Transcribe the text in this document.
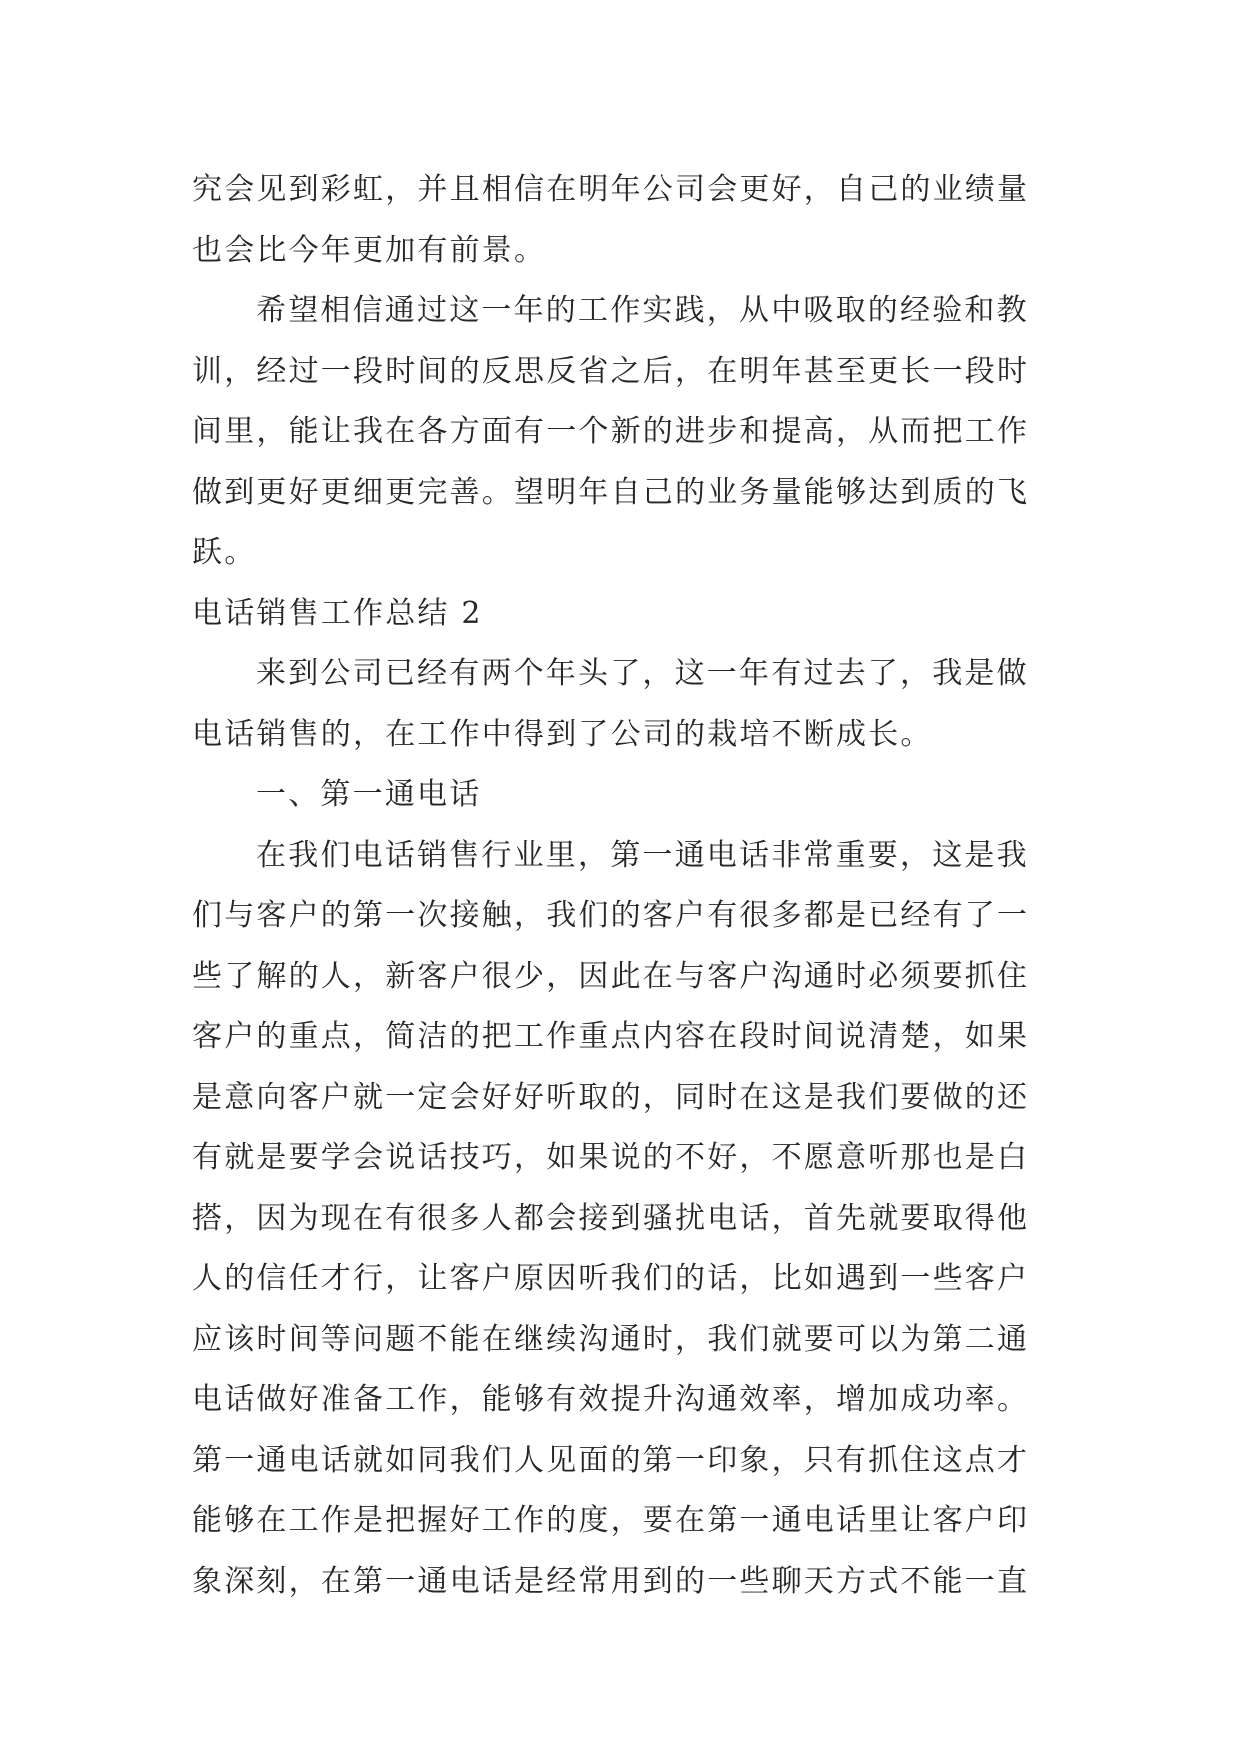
究会见到彩虹，并且相信在明年公司会更好，自己的业绩量
也会比今年更加有前景。
希望相信通过这一年的工作实践，从中吸取的经验和教
训，经过一段时间的反思反省之后，在明年甚至更长一段时
间里，能让我在各方面有一个新的进步和提高，从而把工作
做到更好更细更完善。望明年自己的业务量能够达到质的飞
跃。
电话销售工作总结 2
来到公司已经有两个年头了，这一年有过去了，我是做
电话销售的，在工作中得到了公司的栽培不断成长。
一、第一通电话
在我们电话销售行业里，第一通电话非常重要，这是我
们与客户的第一次接触，我们的客户有很多都是已经有了一
些了解的人，新客户很少，因此在与客户沟通时必须要抓住
客户的重点，简洁的把工作重点内容在段时间说清楚，如果
是意向客户就一定会好好听取的，同时在这是我们要做的还
有就是要学会说话技巧，如果说的不好，不愿意听那也是白
搭，因为现在有很多人都会接到骚扰电话，首先就要取得他
人的信任才行，让客户原因听我们的话，比如遇到一些客户
应该时间等问题不能在继续沟通时，我们就要可以为第二通
电话做好准备工作，能够有效提升沟通效率，增加成功率。
第一通电话就如同我们人见面的第一印象，只有抓住这点才
能够在工作是把握好工作的度，要在第一通电话里让客户印
象深刻，在第一通电话是经常用到的一些聊天方式不能一直
